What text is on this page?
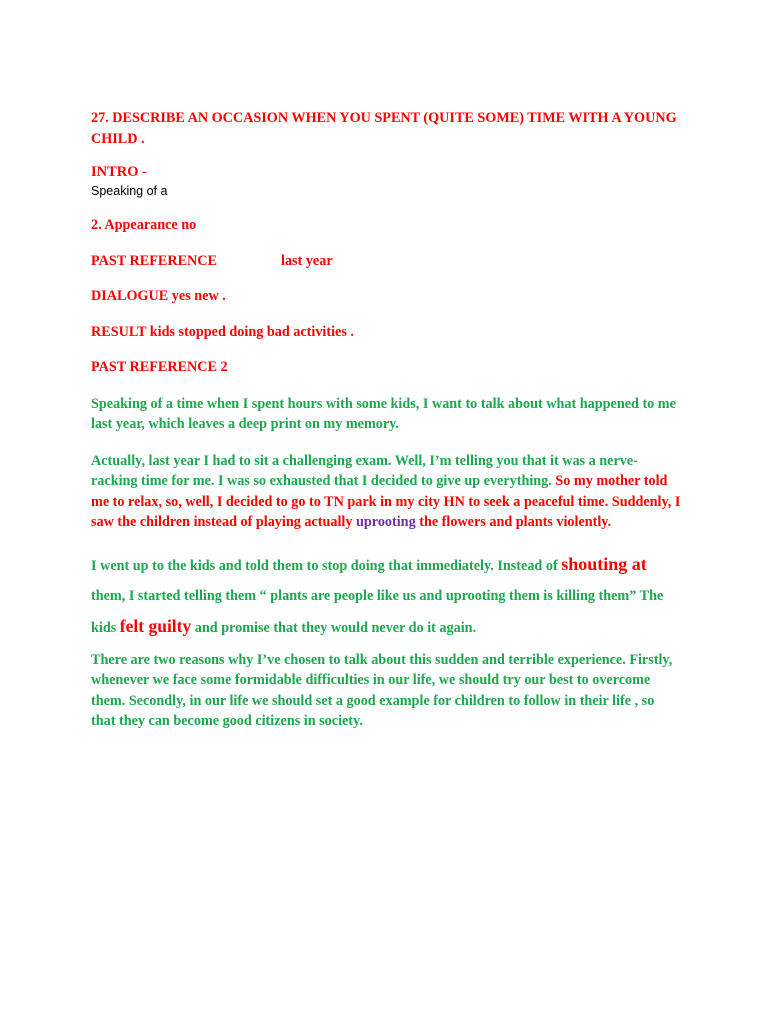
27. DESCRIBE AN OCCASION WHEN YOU SPENT (QUITE SOME) TIME WITH A YOUNG CHILD .

INTRO -

Speaking of a

2. Appearance no

PAST REFERENCE	last year

DIALOGUE yes new .

RESULT kids stopped doing bad activities .

PAST REFERENCE 2

Speaking of a time when I spent hours with some kids, I want to talk about what happened to me last year, which leaves a deep print on my memory.

Actually, last year I had to sit a challenging exam. Well, I’m telling you that it was a nerve-racking time for me. I was so exhausted that I decided to give up everything. So my mother told me to relax, so, well, I decided to go to TN park in my city HN to seek a peaceful time. Suddenly, I saw the children instead of playing actually uprooting the flowers and plants violently.

I went up to the kids and told them to stop doing that immediately. Instead of shouting at them, I started telling them “ plants are people like us and uprooting them is killing them” The kids felt guilty and promise that they would never do it again.

There are two reasons why I’ve chosen to talk about this sudden and terrible experience. Firstly, whenever we face some formidable difficulties in our life, we should try our best to overcome them. Secondly, in our life we should set a good example for children to follow in their life , so that they can become good citizens in society.
